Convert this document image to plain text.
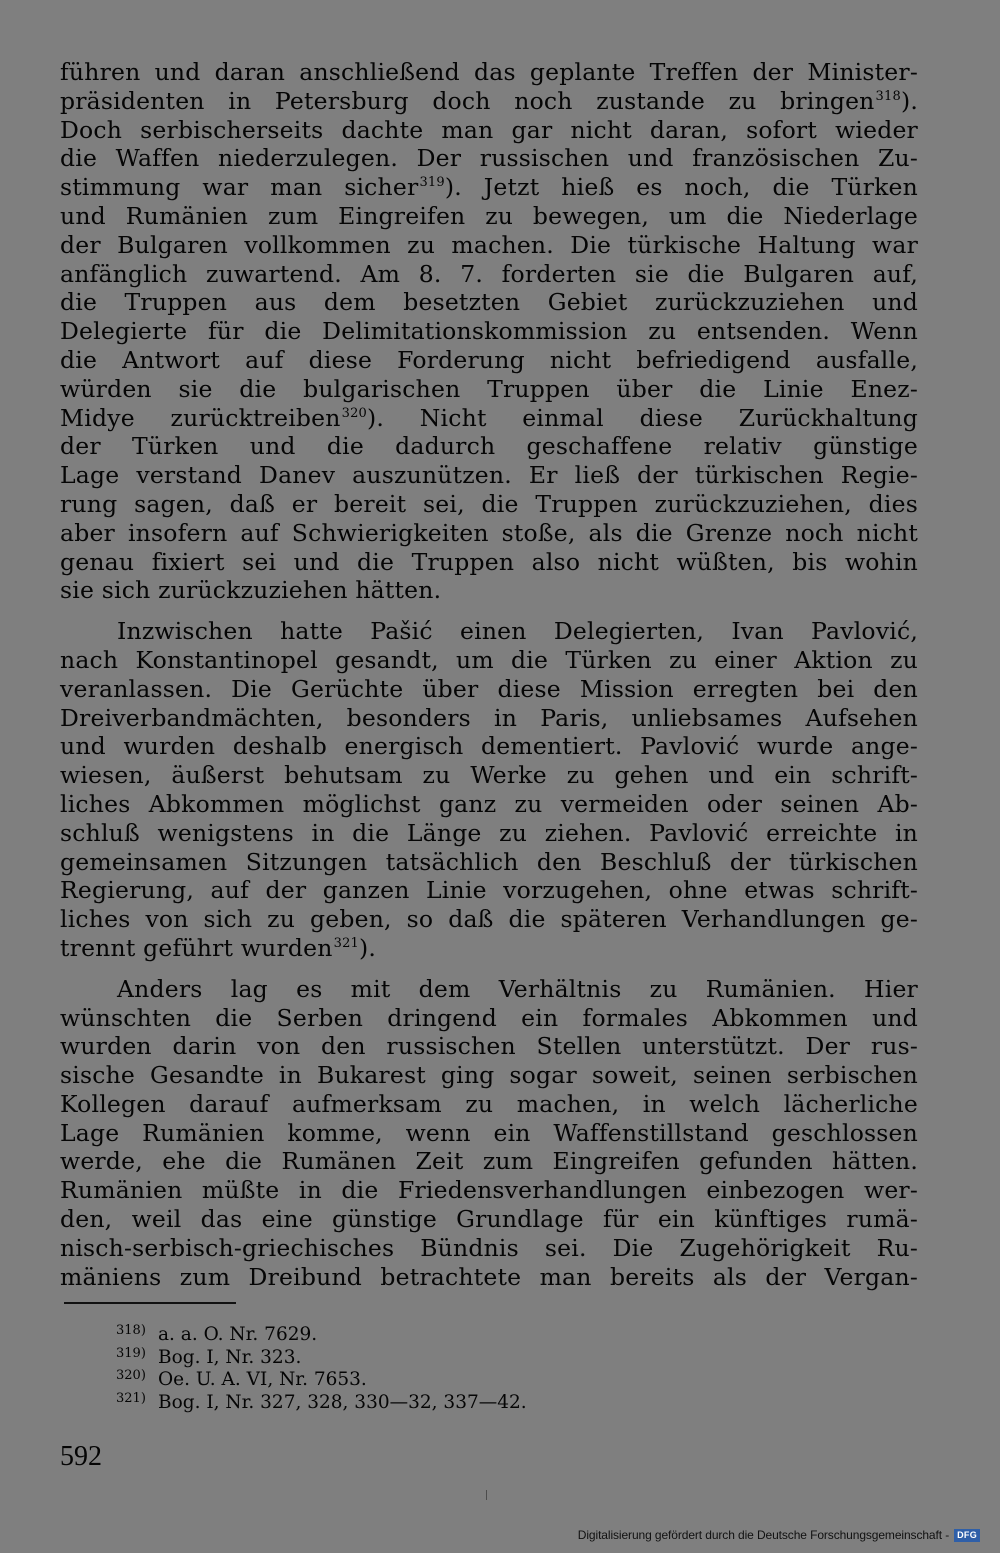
führen und daran anschließend das geplante Treffen der Minister-
präsidenten in Petersburg doch noch zustande zu bringen$^{318}$).
Doch serbischerseits dachte man gar nicht daran, sofort wieder
die Waffen niederzulegen. Der russischen und französischen Zu-
stimmung war man sicher$^{319}$). Jetzt hieß es noch, die Türken
und Rumänien zum Eingreifen zu bewegen, um die Niederlage
der Bulgaren vollkommen zu machen. Die türkische Haltung war
anfänglich zuwartend. Am 8. 7. forderten sie die Bulgaren auf,
die Truppen aus dem besetzten Gebiet zurückzuziehen und
Delegierte für die Delimitationskommission zu entsenden. Wenn
die Antwort auf diese Forderung nicht befriedigend ausfalle,
würden sie die bulgarischen Truppen über die Linie Enez-
Midye zurücktreiben$^{320}$). Nicht einmal diese Zurückhaltung
der Türken und die dadurch geschaffene relativ günstige
Lage verstand Danev auszunützen. Er ließ der türkischen Regie-
rung sagen, daß er bereit sei, die Truppen zurückzuziehen, dies
aber insofern auf Schwierigkeiten stoße, als die Grenze noch nicht
genau fixiert sei und die Truppen also nicht wüßten, bis wohin
sie sich zurückzuziehen hätten.

Inzwischen hatte Pašić einen Delegierten, Ivan Pavlović,
nach Konstantinopel gesandt, um die Türken zu einer Aktion zu
veranlassen. Die Gerüchte über diese Mission erregten bei den
Dreiverbandmächten, besonders in Paris, unliebsames Aufsehen
und wurden deshalb energisch dementiert. Pavlović wurde ange-
wiesen, äußerst behutsam zu Werke zu gehen und ein schrift-
liches Abkommen möglichst ganz zu vermeiden oder seinen Ab-
schluß wenigstens in die Länge zu ziehen. Pavlović erreichte in
gemeinsamen Sitzungen tatsächlich den Beschluß der türkischen
Regierung, auf der ganzen Linie vorzugehen, ohne etwas schrift-
liches von sich zu geben, so daß die späteren Verhandlungen ge-
trennt geführt wurden$^{321}$).

Anders lag es mit dem Verhältnis zu Rumänien. Hier
wünschten die Serben dringend ein formales Abkommen und
wurden darin von den russischen Stellen unterstützt. Der rus-
sische Gesandte in Bukarest ging sogar soweit, seinen serbischen
Kollegen darauf aufmerksam zu machen, in welch lächerliche
Lage Rumänien komme, wenn ein Waffenstillstand geschlossen
werde, ehe die Rumänen Zeit zum Eingreifen gefunden hätten.
Rumänien müßte in die Friedensverhandlungen einbezogen wer-
den, weil das eine günstige Grundlage für ein künftiges rumä-
nisch-serbisch-griechisches Bündnis sei. Die Zugehörigkeit Ru-
mäniens zum Dreibund betrachtete man bereits als der Vergan-

318) a. a. O. Nr. 7629.
319) Bog. I, Nr. 323.
320) Oe. U. A. VI, Nr. 7653.
321) Bog. I, Nr. 327, 328, 330—32, 337—42.
592
Digitalisierung gefördert durch die Deutsche Forschungsgemeinschaft - DFG
